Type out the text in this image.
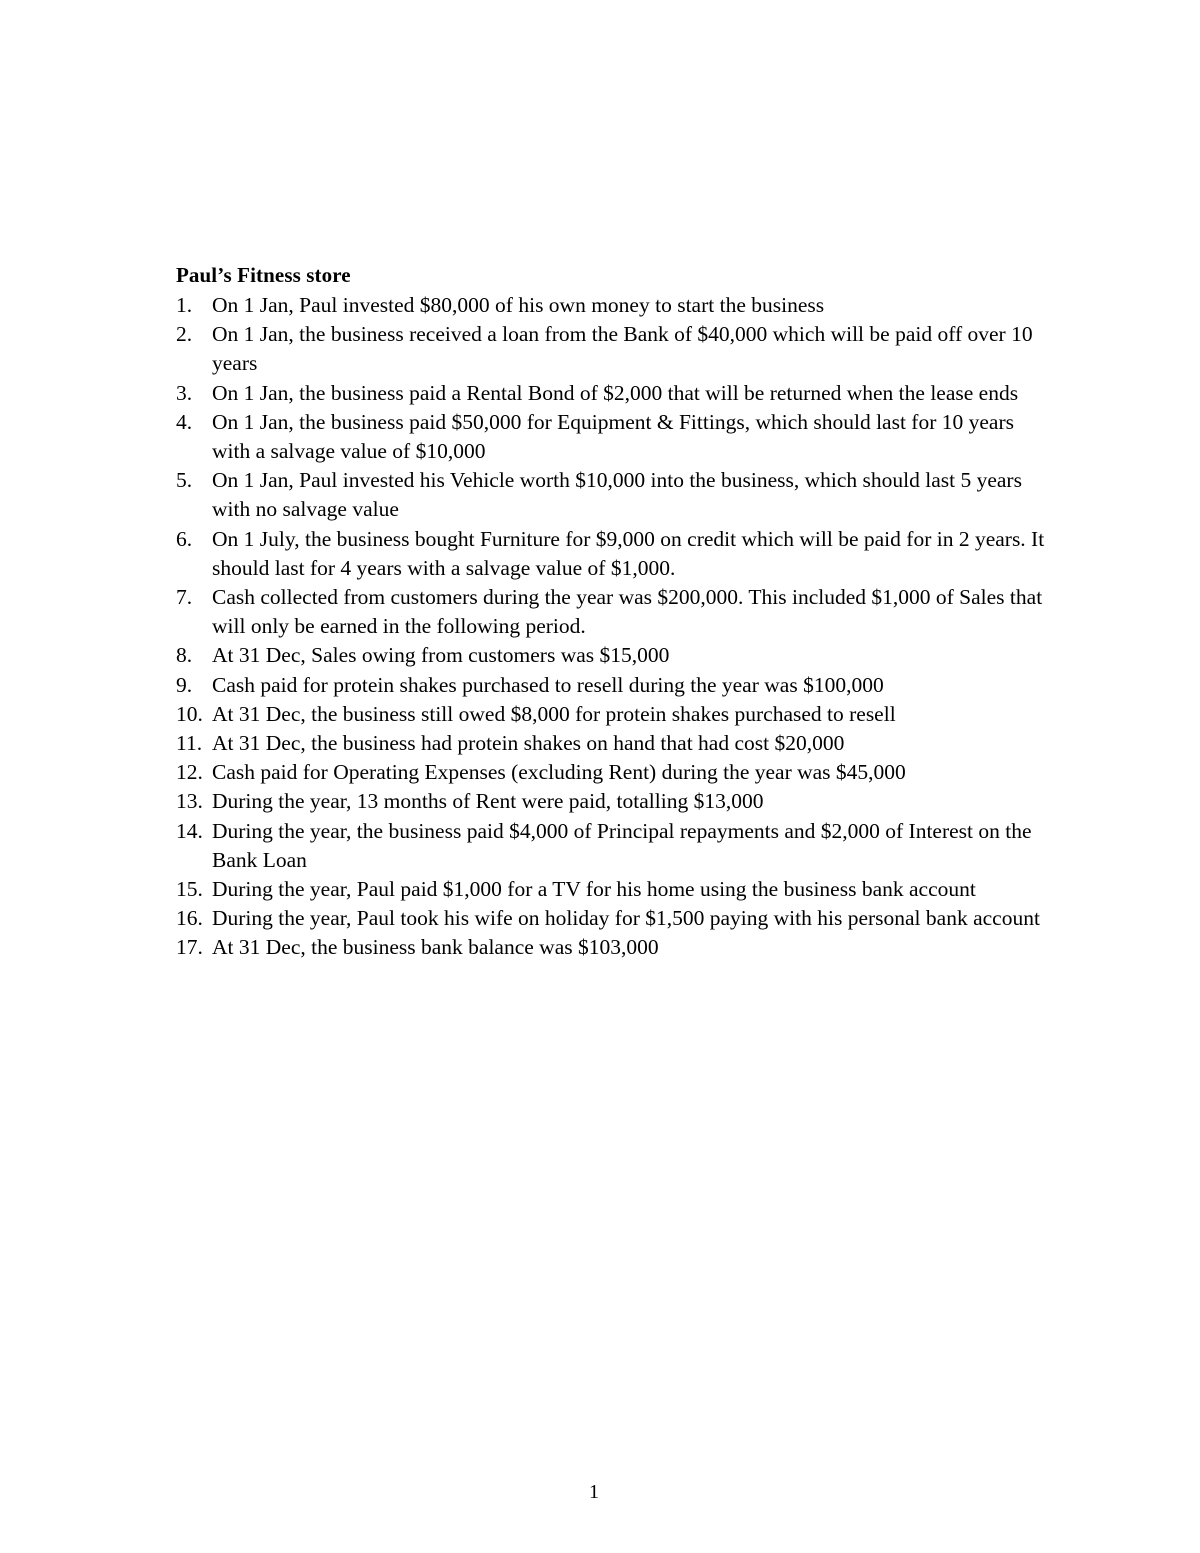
Paul’s Fitness store
1. On 1 Jan, Paul invested $80,000 of his own money to start the business
2. On 1 Jan, the business received a loan from the Bank of $40,000 which will be paid off over 10 years
3. On 1 Jan, the business paid a Rental Bond of $2,000 that will be returned when the lease ends
4. On 1 Jan, the business paid $50,000 for Equipment & Fittings, which should last for 10 years with a salvage value of $10,000
5. On 1 Jan, Paul invested his Vehicle worth $10,000 into the business, which should last 5 years with no salvage value
6. On 1 July, the business bought Furniture for $9,000 on credit which will be paid for in 2 years. It should last for 4 years with a salvage value of $1,000.
7. Cash collected from customers during the year was $200,000. This included $1,000 of Sales that will only be earned in the following period.
8. At 31 Dec, Sales owing from customers was $15,000
9. Cash paid for protein shakes purchased to resell during the year was $100,000
10. At 31 Dec, the business still owed $8,000 for protein shakes purchased to resell
11. At 31 Dec, the business had protein shakes on hand that had cost $20,000
12. Cash paid for Operating Expenses (excluding Rent) during the year was $45,000
13. During the year, 13 months of Rent were paid, totalling $13,000
14. During the year, the business paid $4,000 of Principal repayments and $2,000 of Interest on the Bank Loan
15. During the year, Paul paid $1,000 for a TV for his home using the business bank account
16. During the year, Paul took his wife on holiday for $1,500 paying with his personal bank account
17. At 31 Dec, the business bank balance was $103,000
1
